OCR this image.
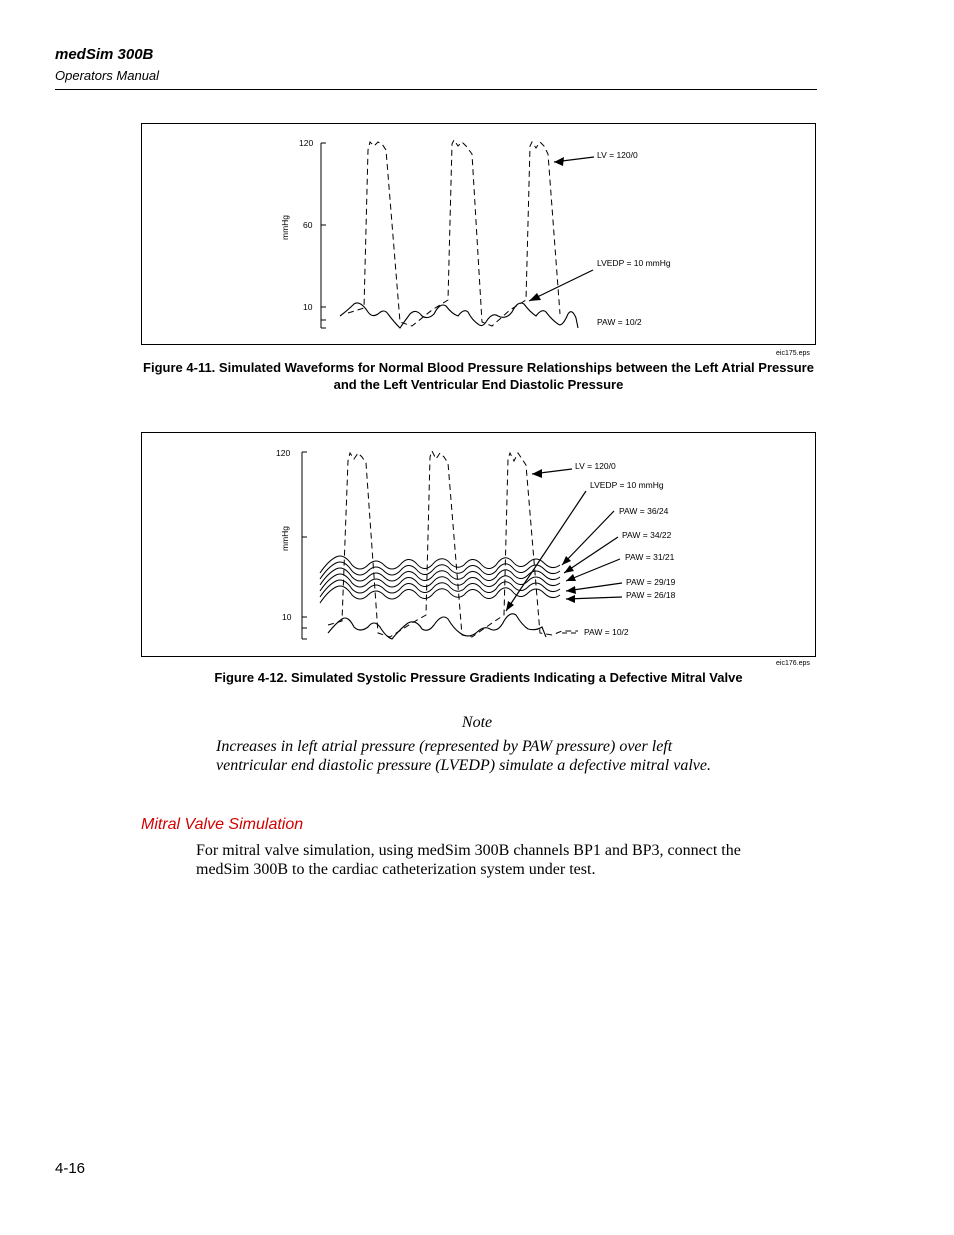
medSim 300B
Operators Manual
120
60
10
mmHg
LV = 120/0
LVEDP = 10 mmHg
PAW = 10/2
eic175.eps
Figure 4-11. Simulated Waveforms for Normal Blood Pressure Relationships between the Left Atrial Pressure and the Left Ventricular End Diastolic Pressure
120
10
mmHg
LV = 120/0
LVEDP = 10 mmHg
PAW = 36/24
PAW = 34/22
PAW = 31/21
PAW = 29/19
PAW = 26/18
PAW = 10/2
eic176.eps
Figure 4-12. Simulated Systolic Pressure Gradients Indicating a Defective Mitral Valve
Note
Increases in left atrial pressure (represented by PAW pressure) over left ventricular end diastolic pressure (LVEDP) simulate a defective mitral valve.
Mitral Valve Simulation
For mitral valve simulation, using medSim 300B channels BP1 and BP3, connect the medSim 300B to the cardiac catheterization system under test.
4-16
